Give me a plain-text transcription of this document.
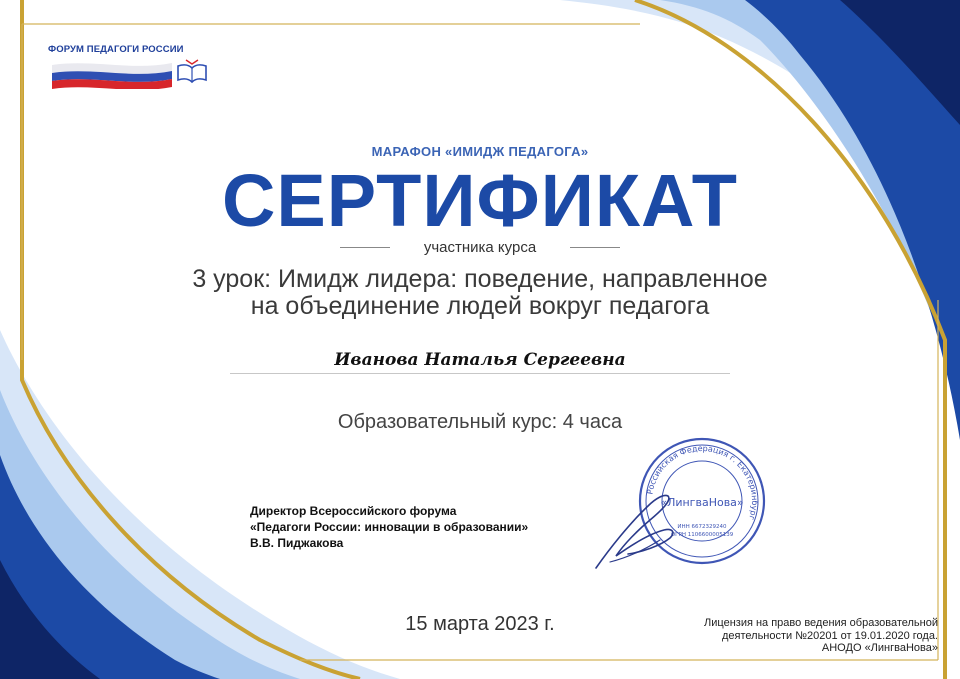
ФОРУМ ПЕДАГОГИ РОССИИ
МАРАФОН «ИМИДЖ ПЕДАГОГА»
СЕРТИФИКАТ
участника курса
3 урок: Имидж лидера: поведение, направленное
на объединение людей вокруг педагога
Иванова Наталья Сергеевна
Образовательный курс: 4 часа
Директор Всероссийского форума
«Педагоги России: инновации в образовании»
В.В. Пиджакова
Российская Федерация г. Екатеринбург
«ЛингваНова»
ИНН 6672329240
ОГРН 1106600005139
15 марта 2023 г.	Лицензия на право ведения образовательной
деятельности №20201 от 19.01.2020 года.
АНОДО «ЛингваНова»
